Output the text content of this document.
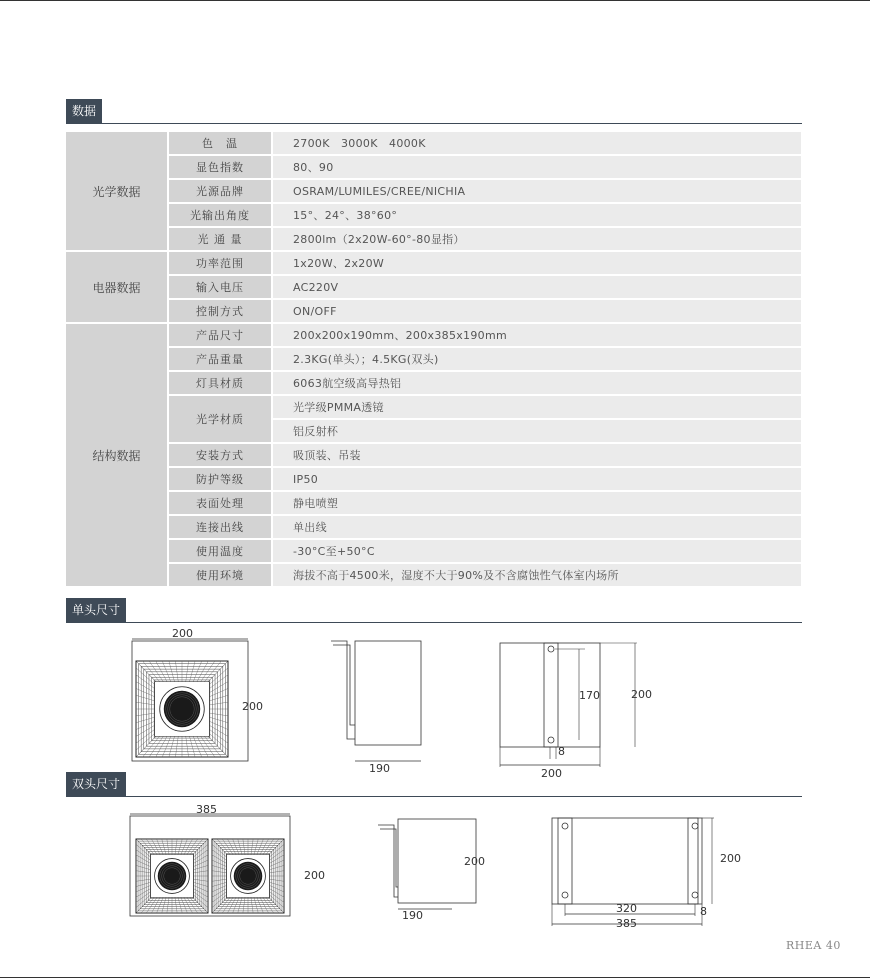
数据
光学数据	色　温	2700K　3000K　4000K
	显色指数	80、90
	光源品牌	OSRAM/LUMILES/CREE/NICHIA
	光输出角度	15°、24°、38°60°
	光 通 量	2800lm（2x20W-60°-80显指）
电器数据	功率范围	1x20W、2x20W
	输入电压	AC220V
	控制方式	ON/OFF
结构数据	产品尺寸	200x200x190mm、200x385x190mm
	产品重量	2.3KG(单头）；4.5KG(双头)
	灯具材质	6063航空级高导热铝
	光学材质	光学级PMMA透镜
		铝反射杯
	安装方式	吸顶装、吊装
	防护等级	IP50
	表面处理	静电喷塑
	连接出线	单出线
	使用温度	-30°C至+50°C
	使用环境	海拔不高于4500米，湿度不大于90%及不含腐蚀性气体室内场所
单头尺寸
200
200
190
170	200
8
200
双头尺寸
385
200
200
190
200
320	8
385
RHEA 40
